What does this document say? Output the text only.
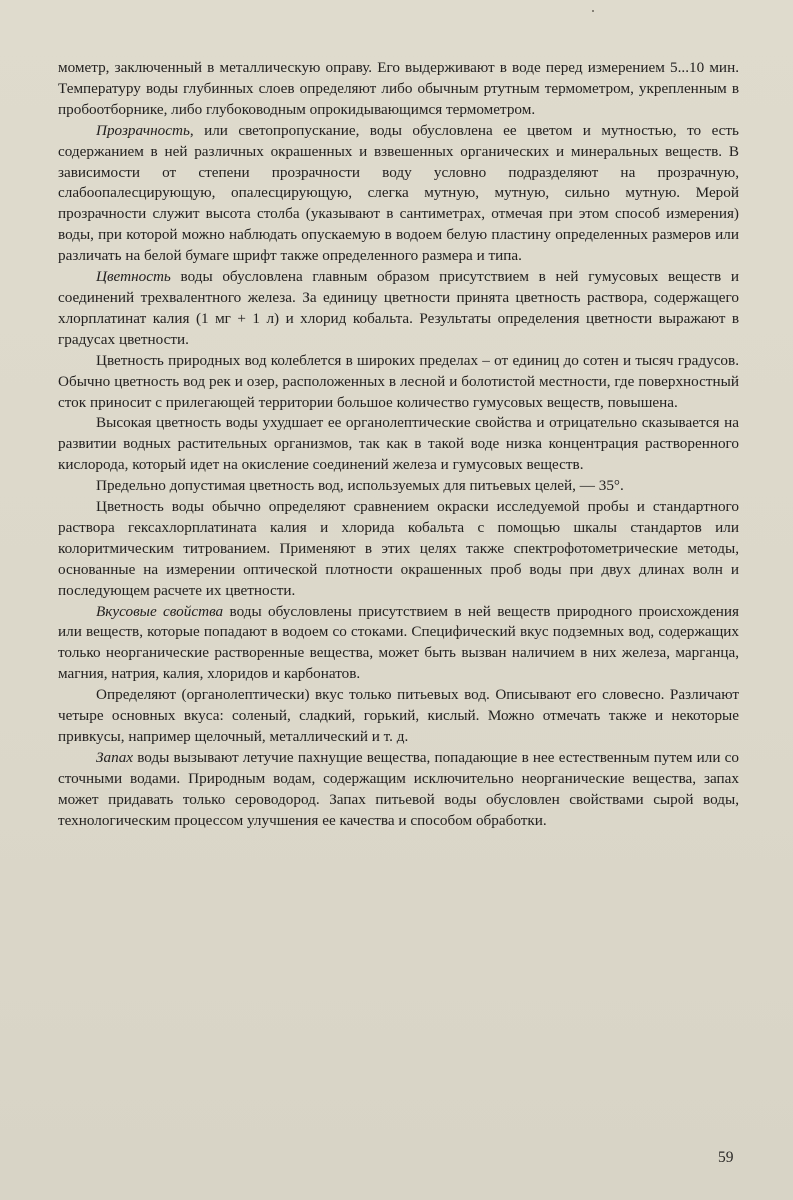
мометр, заключенный в металлическую оправу. Его выдерживают в воде перед измерением 5...10 мин. Температуру воды глубинных слоев определяют либо обычным ртутным термометром, укрепленным в пробоотборнике, либо глубоководным опрокидывающимся термометром.

Прозрачность, или светопропускание, воды обусловлена ее цветом и мутностью, то есть содержанием в ней различных окрашенных и взвешенных органических и минеральных веществ. В зависимости от степени прозрачности воду условно подразделяют на прозрачную, слабоопалесцирующую, опалесцирующую, слегка мутную, мутную, сильно мутную. Мерой прозрачности служит высота столба (указывают в сантиметрах, отмечая при этом способ измерения) воды, при которой можно наблюдать опускаемую в водоем белую пластину определенных размеров или различать на белой бумаге шрифт также определенного размера и типа.

Цветность воды обусловлена главным образом присутствием в ней гумусовых веществ и соединений трехвалентного железа. За единицу цветности принята цветность раствора, содержащего хлорплатинат калия (1 мг + 1 л) и хлорид кобальта. Результаты определения цветности выражают в градусах цветности.

Цветность природных вод колеблется в широких пределах – от единиц до сотен и тысяч градусов. Обычно цветность вод рек и озер, расположенных в лесной и болотистой местности, где поверхностный сток приносит с прилегающей территории большое количество гумусовых веществ, повышена.

Высокая цветность воды ухудшает ее органолептические свойства и отрицательно сказывается на развитии водных растительных организмов, так как в такой воде низка концентрация растворенного кислорода, который идет на окисление соединений железа и гумусовых веществ.

Предельно допустимая цветность вод, используемых для питьевых целей, — 35°.

Цветность воды обычно определяют сравнением окраски исследуемой пробы и стандартного раствора гексахлорплатината калия и хлорида кобальта с помощью шкалы стандартов или колоритмическим титрованием. Применяют в этих целях также спектрофотометрические методы, основанные на измерении оптической плотности окрашенных проб воды при двух длинах волн и последующем расчете их цветности.

Вкусовые свойства воды обусловлены присутствием в ней веществ природного происхождения или веществ, которые попадают в водоем со стоками. Специфический вкус подземных вод, содержащих только неорганические растворенные вещества, может быть вызван наличием в них железа, марганца, магния, натрия, калия, хлоридов и карбонатов.

Определяют (органолептически) вкус только питьевых вод. Описывают его словесно. Различают четыре основных вкуса: соленый, сладкий, горький, кислый. Можно отмечать также и некоторые привкусы, например щелочный, металлический и т. д.

Запах воды вызывают летучие пахнущие вещества, попадающие в нее естественным путем или со сточными водами. Природным водам, содержащим исключительно неорганические вещества, запах может придавать только сероводород. Запах питьевой воды обусловлен свойствами сырой воды, технологическим процессом улучшения ее качества и способом обработки.

59
